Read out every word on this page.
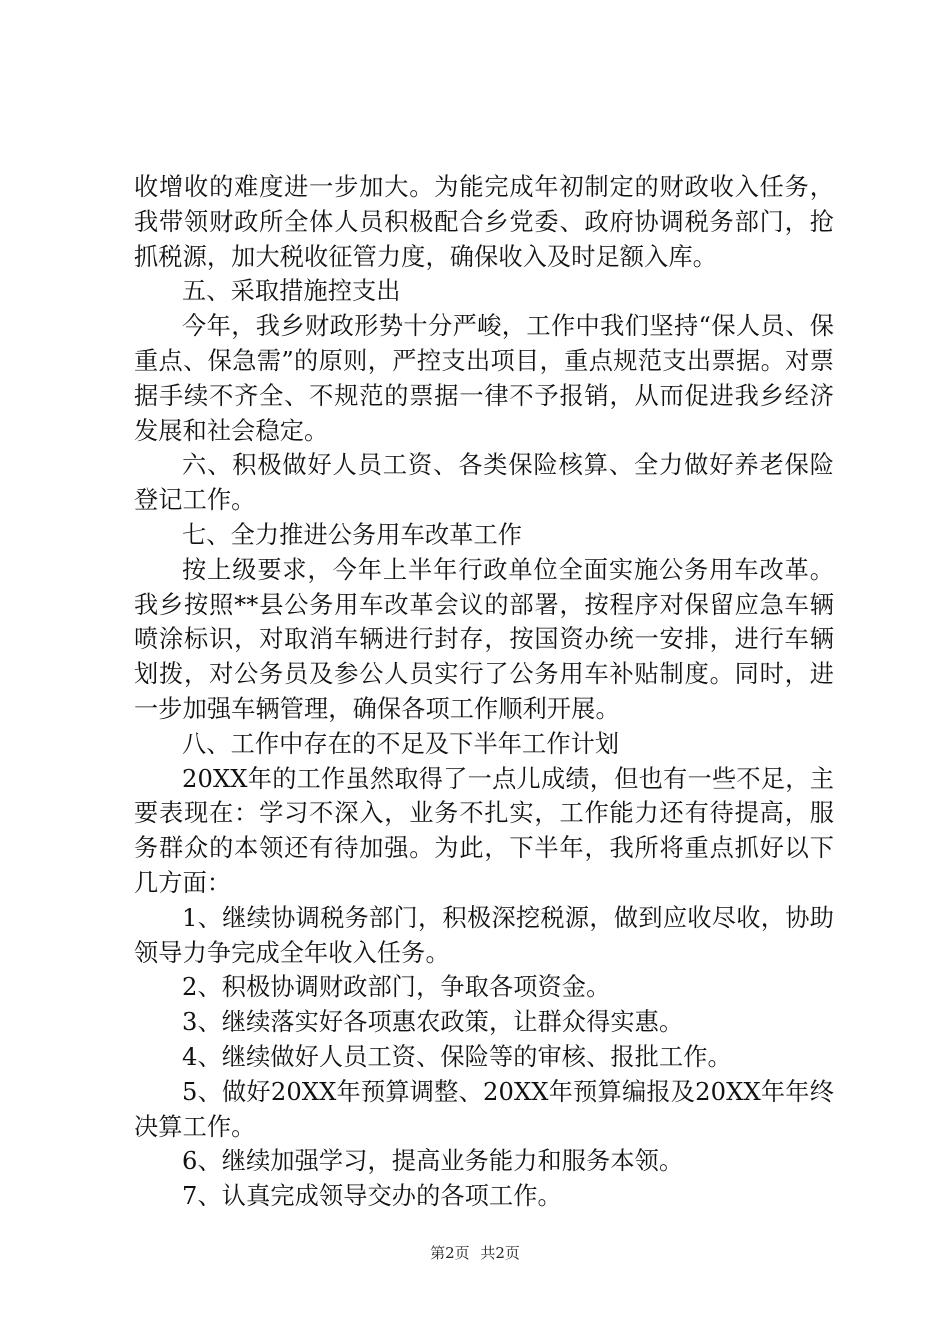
收增收的难度进一步加大。为能完成年初制定的财政收入任务，我带领财政所全体人员积极配合乡党委、政府协调税务部门，抢抓税源，加大税收征管力度，确保收入及时足额入库。

五、采取措施控支出

今年，我乡财政形势十分严峻，工作中我们坚持“保人员、保重点、保急需”的原则，严控支出项目，重点规范支出票据。对票据手续不齐全、不规范的票据一律不予报销，从而促进我乡经济发展和社会稳定。

六、积极做好人员工资、各类保险核算、全力做好养老保险登记工作。

七、全力推进公务用车改革工作

按上级要求，今年上半年行政单位全面实施公务用车改革。我乡按照**县公务用车改革会议的部署，按程序对保留应急车辆喷涂标识，对取消车辆进行封存，按国资办统一安排，进行车辆划拨，对公务员及参公人员实行了公务用车补贴制度。同时，进一步加强车辆管理，确保各项工作顺利开展。

八、工作中存在的不足及下半年工作计划

20XX年的工作虽然取得了一点儿成绩，但也有一些不足，主要表现在：学习不深入，业务不扎实，工作能力还有待提高，服务群众的本领还有待加强。为此，下半年，我所将重点抓好以下几方面：

1、继续协调税务部门，积极深挖税源，做到应收尽收，协助领导力争完成全年收入任务。

2、积极协调财政部门，争取各项资金。

3、继续落实好各项惠农政策，让群众得实惠。

4、继续做好人员工资、保险等的审核、报批工作。

5、做好20XX年预算调整、20XX年预算编报及20XX年年终决算工作。

6、继续加强学习，提高业务能力和服务本领。

7、认真完成领导交办的各项工作。

第2页 共2页
